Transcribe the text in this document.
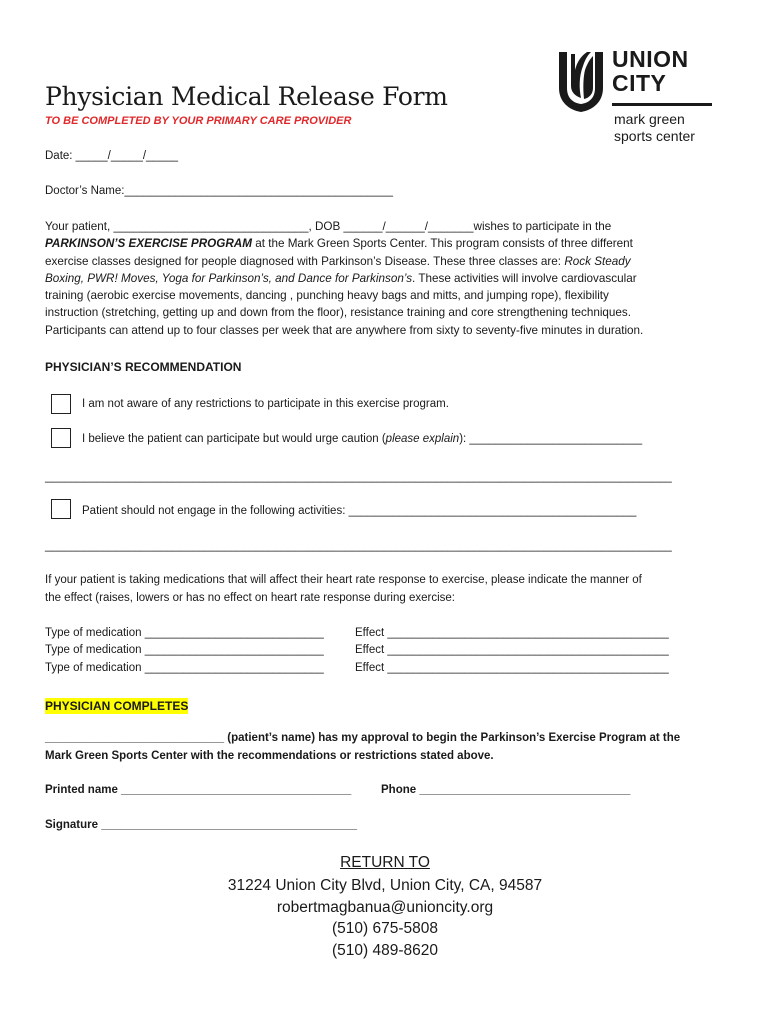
Physician Medical Release Form
TO BE COMPLETED BY YOUR PRIMARY CARE PROVIDER
UNION
CITY
mark green
sports center
Date: _____/_____/_____
Doctor’s Name:__________________________________________

Your patient, ______________________________, DOB ______/______/_______wishes to participate in the

PARKINSON’S EXERCISE PROGRAM at the Mark Green Sports Center. This program consists of three different

exercise classes designed for people diagnosed with Parkinson’s Disease. These three classes are: Rock Steady

Boxing, PWR! Moves, Yoga for Parkinson’s, and Dance for Parkinson’s. These activities will involve cardiovascular

training (aerobic exercise movements, dancing , punching heavy bags and mitts, and jumping rope), flexibility

instruction (stretching, getting up and down from the floor), resistance training and core strengthening techniques.

Participants can attend up to four classes per week that are anywhere from sixty to seventy-five minutes in duration.

PHYSICIAN’S RECOMMENDATION
I am not aware of any restrictions to participate in this exercise program.
I believe the patient can participate but would urge caution (please explain): ___________________________
__________________________________________________________________________________________________
Patient should not engage in the following activities: _____________________________________________
__________________________________________________________________________________________________
If your patient is taking medications that will affect their heart rate response to exercise, please indicate the manner of
the effect (raises, lowers or has no effect on heart rate response during exercise:
Type of medication ____________________________	Effect ____________________________________________
Type of medication ____________________________	Effect ____________________________________________
Type of medication ____________________________	Effect ____________________________________________
PHYSICIAN COMPLETES
____________________________ (patient’s name) has my approval to begin the Parkinson’s Exercise Program at the
Mark Green Sports Center with the recommendations or restrictions stated above.
Printed name ____________________________________	Phone _________________________________
Signature ________________________________________
RETURN TO
31224 Union City Blvd, Union City, CA, 94587
robertmagbanua@unioncity.org
(510) 675-5808
(510) 489-8620
